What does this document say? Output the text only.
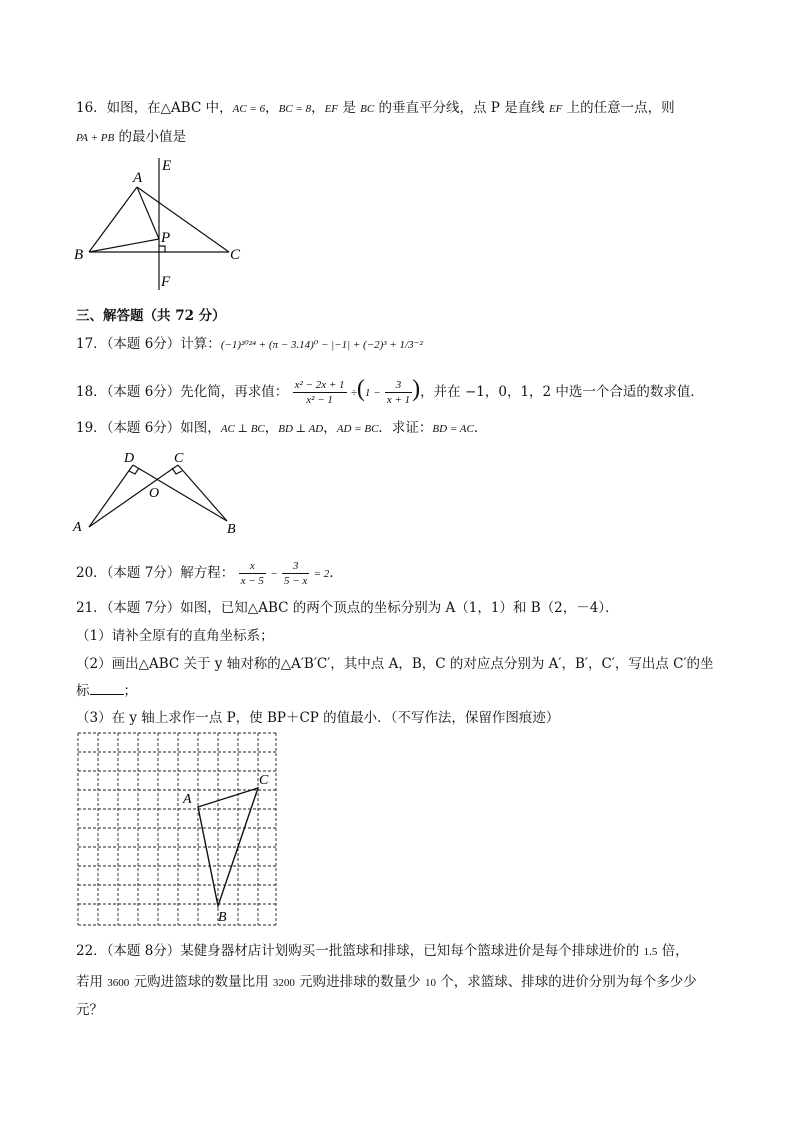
16．如图，在△ABC 中，AC = 6，BC = 8，EF 是 BC 的垂直平分线，点 P 是直线 EF 上的任意一点，则
PA + PB 的最小值是
A
E
B
P
C
F
三、解答题（共 72 分）
17．（本题 6分）计算：(−1)²⁰²⁴ + (π − 3.14)⁰ − |−1| + (−2)³ + 1/3⁻²
18．（本题 6分）先化简，再求值： $\frac{\text{x² − 2x + 1}}{\text{x² − 1}} \div(1 - \frac{3}{x + 1}$ )，并在 −1，0，1，2 中选一个合适的数求值．
19．（本题 6分）如图，AC ⊥ BC，BD ⊥ AD，AD = BC．求证：BD = AC．
D	C
O
A	B
20．（本题 7分）解方程： $\frac{x}{x - 5} - \frac{3}{5 - x} = 2$．
21．（本题 7分）如图，已知△ABC 的两个顶点的坐标分别为 A（1，1）和 B（2，－4）．
（1）请补全原有的直角坐标系；
（2）画出△ABC 关于 y 轴对称的△A′B′C′，其中点 A，B，C 的对应点分别为 A′，B′，C′，写出点 C′的坐
标	；
（3）在 y 轴上求作一点 P，使 BP＋CP 的值最小．（不写作法，保留作图痕迹）
A
C
B
22．（本题 8分）某健身器材店计划购买一批篮球和排球，已知每个篮球进价是每个排球进价的 1.5 倍，
若用 3600 元购进篮球的数量比用 3200 元购进排球的数量少 10 个，求篮球、排球的进价分别为每个多少少
元？
